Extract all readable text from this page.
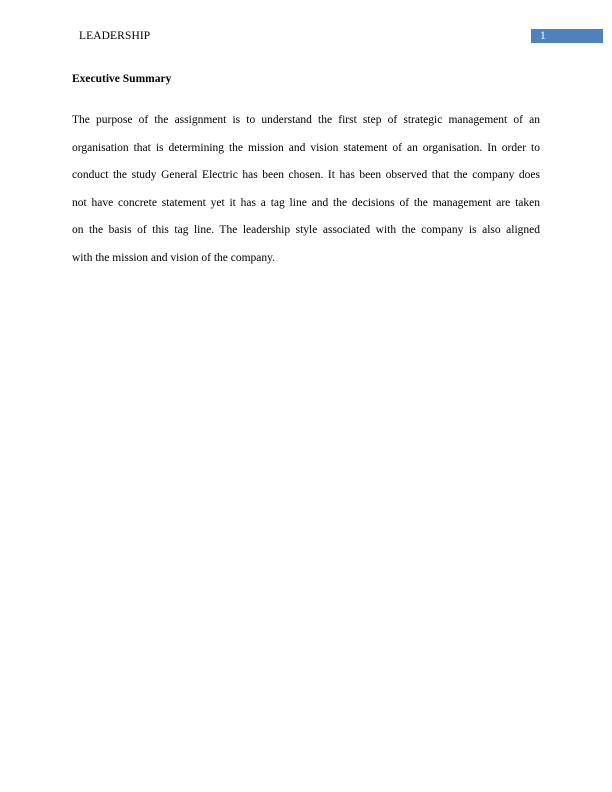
LEADERSHIP	1
Executive Summary
The purpose of the assignment is to understand the first step of strategic management of an
organisation that is determining the mission and vision statement of an organisation. In order to
conduct the study General Electric has been chosen. It has been observed that the company does
not have concrete statement yet it has a tag line and the decisions of the management are taken
on the basis of this tag line. The leadership style associated with the company is also aligned
with the mission and vision of the company.
